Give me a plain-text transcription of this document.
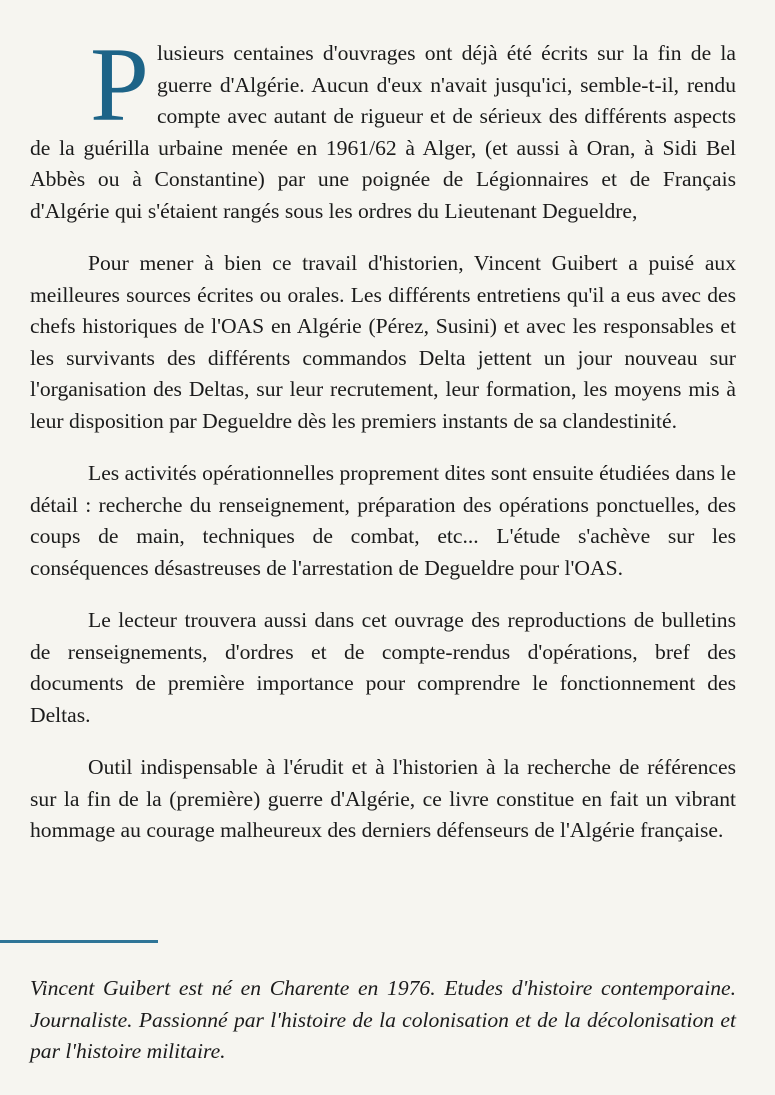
Plusieurs centaines d'ouvrages ont déjà été écrits sur la fin de la guerre d'Algérie. Aucun d'eux n'avait jusqu'ici, semble-t-il, rendu compte avec autant de rigueur et de sérieux des différents aspects de la guérilla urbaine menée en 1961/62 à Alger, (et aussi à Oran, à Sidi Bel Abbès ou à Constantine) par une poignée de Légionnaires et de Français d'Algérie qui s'étaient rangés sous les ordres du Lieutenant Degueldre,

Pour mener à bien ce travail d'historien, Vincent Guibert a puisé aux meilleures sources écrites ou orales. Les différents entretiens qu'il a eus avec des chefs historiques de l'OAS en Algérie (Pérez, Susini) et avec les responsables et les survivants des différents commandos Delta jettent un jour nouveau sur l'organisation des Deltas, sur leur recrutement, leur formation, les moyens mis à leur disposition par Degueldre dès les premiers instants de sa clandestinité.

Les activités opérationnelles proprement dites sont ensuite étudiées dans le détail : recherche du renseignement, préparation des opérations ponctuelles, des coups de main, techniques de combat, etc... L'étude s'achève sur les conséquences désastreuses de l'arrestation de Degueldre pour l'OAS.

Le lecteur trouvera aussi dans cet ouvrage des reproductions de bulletins de renseignements, d'ordres et de compte-rendus d'opérations, bref des documents de première importance pour comprendre le fonctionnement des Deltas.

Outil indispensable à l'érudit et à l'historien à la recherche de références sur la fin de la (première) guerre d'Algérie, ce livre constitue en fait un vibrant hommage au courage malheureux des derniers défenseurs de l'Algérie française.

Vincent Guibert est né en Charente en 1976. Etudes d'histoire contemporaine. Journaliste. Passionné par l'histoire de la colonisation et de la décolonisation et par l'histoire militaire.
